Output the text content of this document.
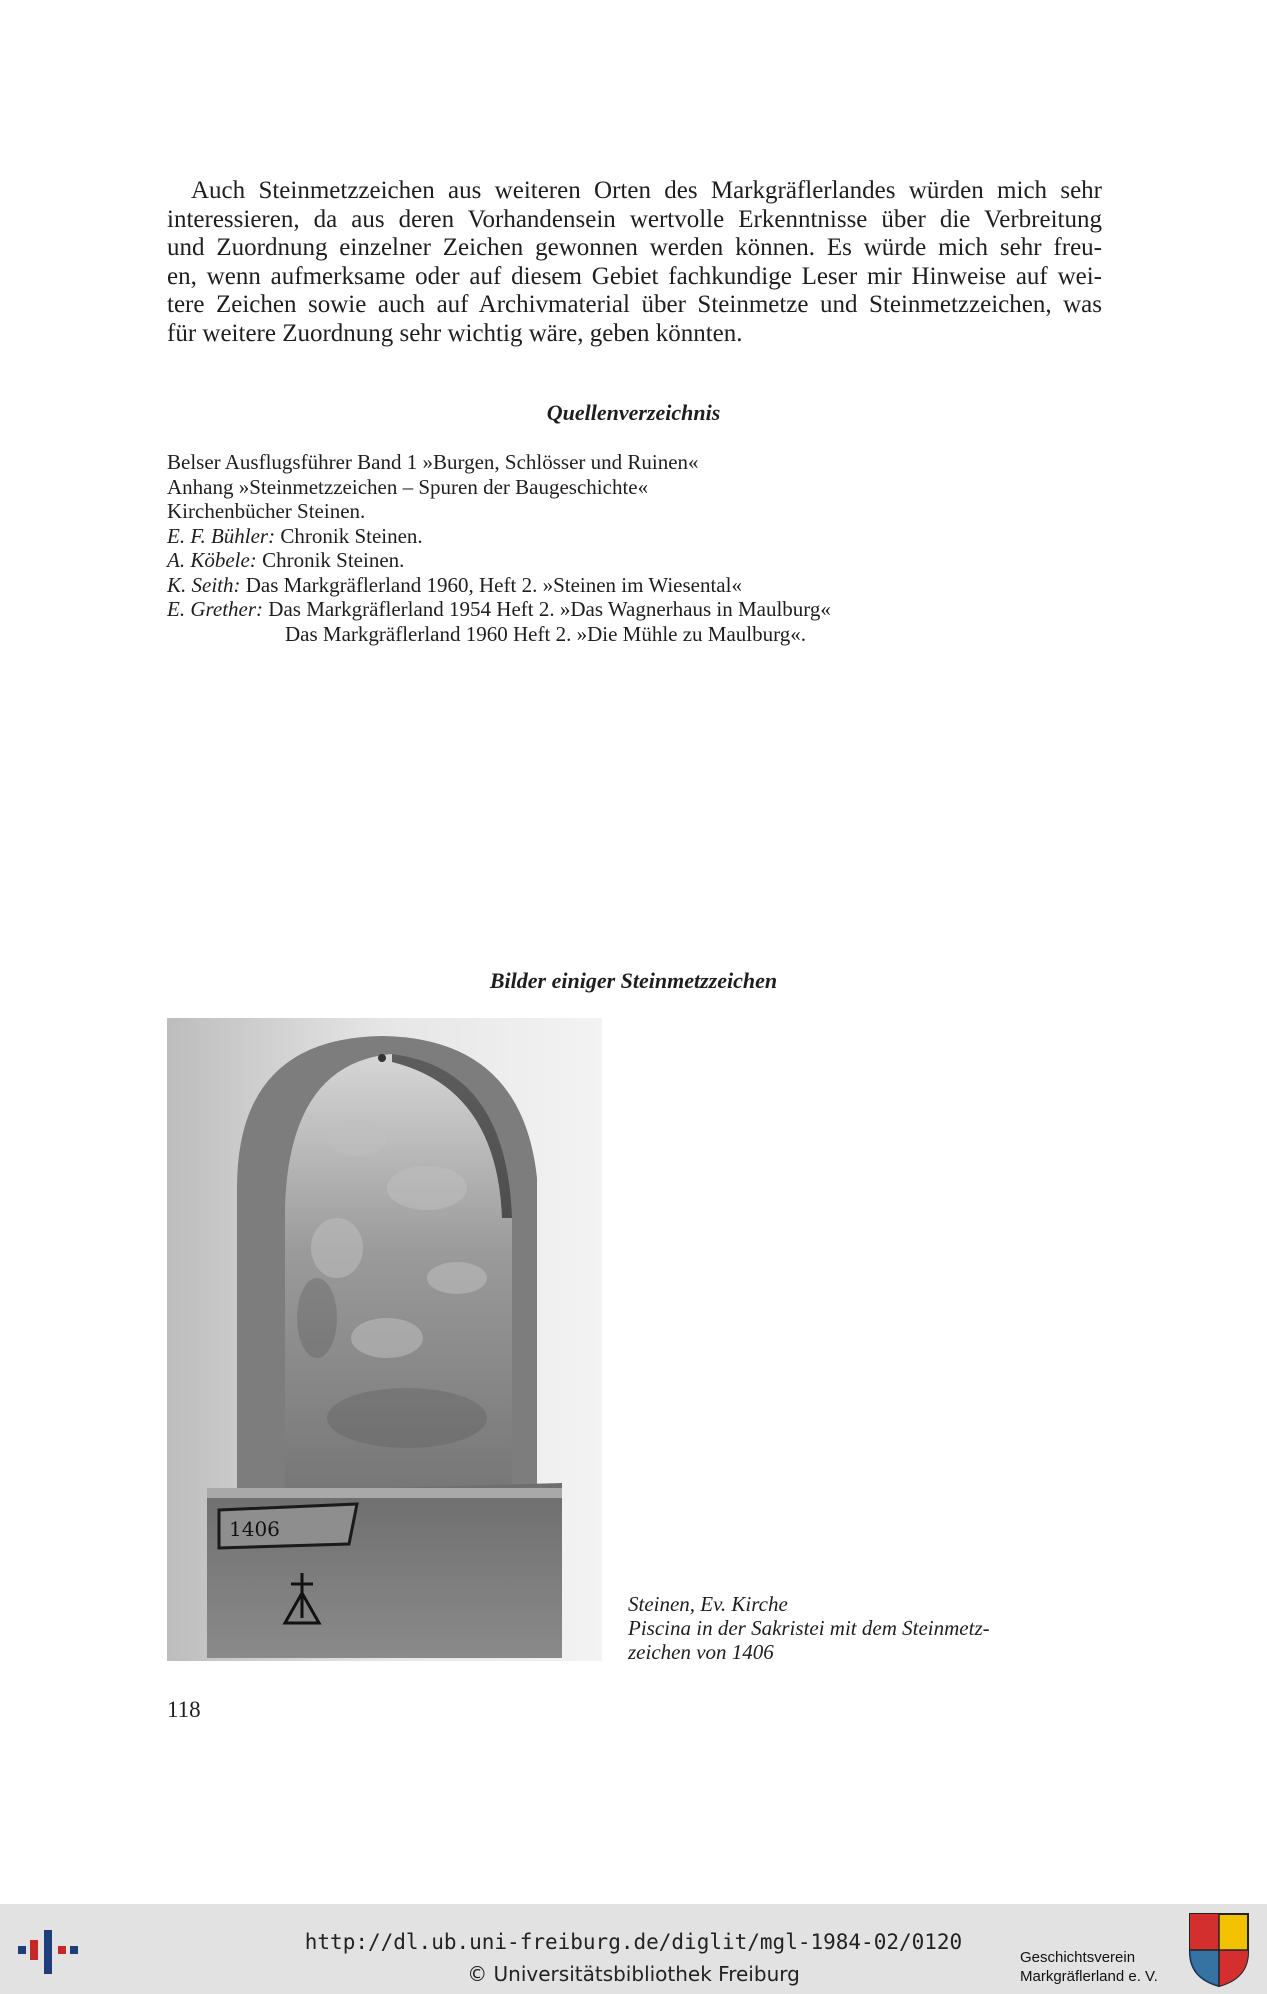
Auch Steinmetzzeichen aus weiteren Orten des Markgräflerlandes würden mich sehr
interessieren, da aus deren Vorhandensein wertvolle Erkenntnisse über die Verbreitung
und Zuordnung einzelner Zeichen gewonnen werden können. Es würde mich sehr freu-
en, wenn aufmerksame oder auf diesem Gebiet fachkundige Leser mir Hinweise auf wei-
tere Zeichen sowie auch auf Archivmaterial über Steinmetze und Steinmetzzeichen, was
für weitere Zuordnung sehr wichtig wäre, geben könnten.
Quellenverzeichnis
Belser Ausflugsführer Band 1 »Burgen, Schlösser und Ruinen«
Anhang »Steinmetzzeichen – Spuren der Baugeschichte«
Kirchenbücher Steinen.
E. F. Bühler: Chronik Steinen.
A. Köbele: Chronik Steinen.
K. Seith: Das Markgräflerland 1960, Heft 2. »Steinen im Wiesental«
E. Grether: Das Markgräflerland 1954 Heft 2. »Das Wagnerhaus in Maulburg«
Das Markgräflerland 1960 Heft 2. »Die Mühle zu Maulburg«.
Bilder einiger Steinmetzzeichen
1406
Steinen, Ev. Kirche
Piscina in der Sakristei mit dem Steinmetz-
zeichen von 1406
118
http://dl.ub.uni-freiburg.de/diglit/mgl-1984-02/0120
© Universitätsbibliothek Freiburg
Geschichtsverein
Markgräflerland e. V.
